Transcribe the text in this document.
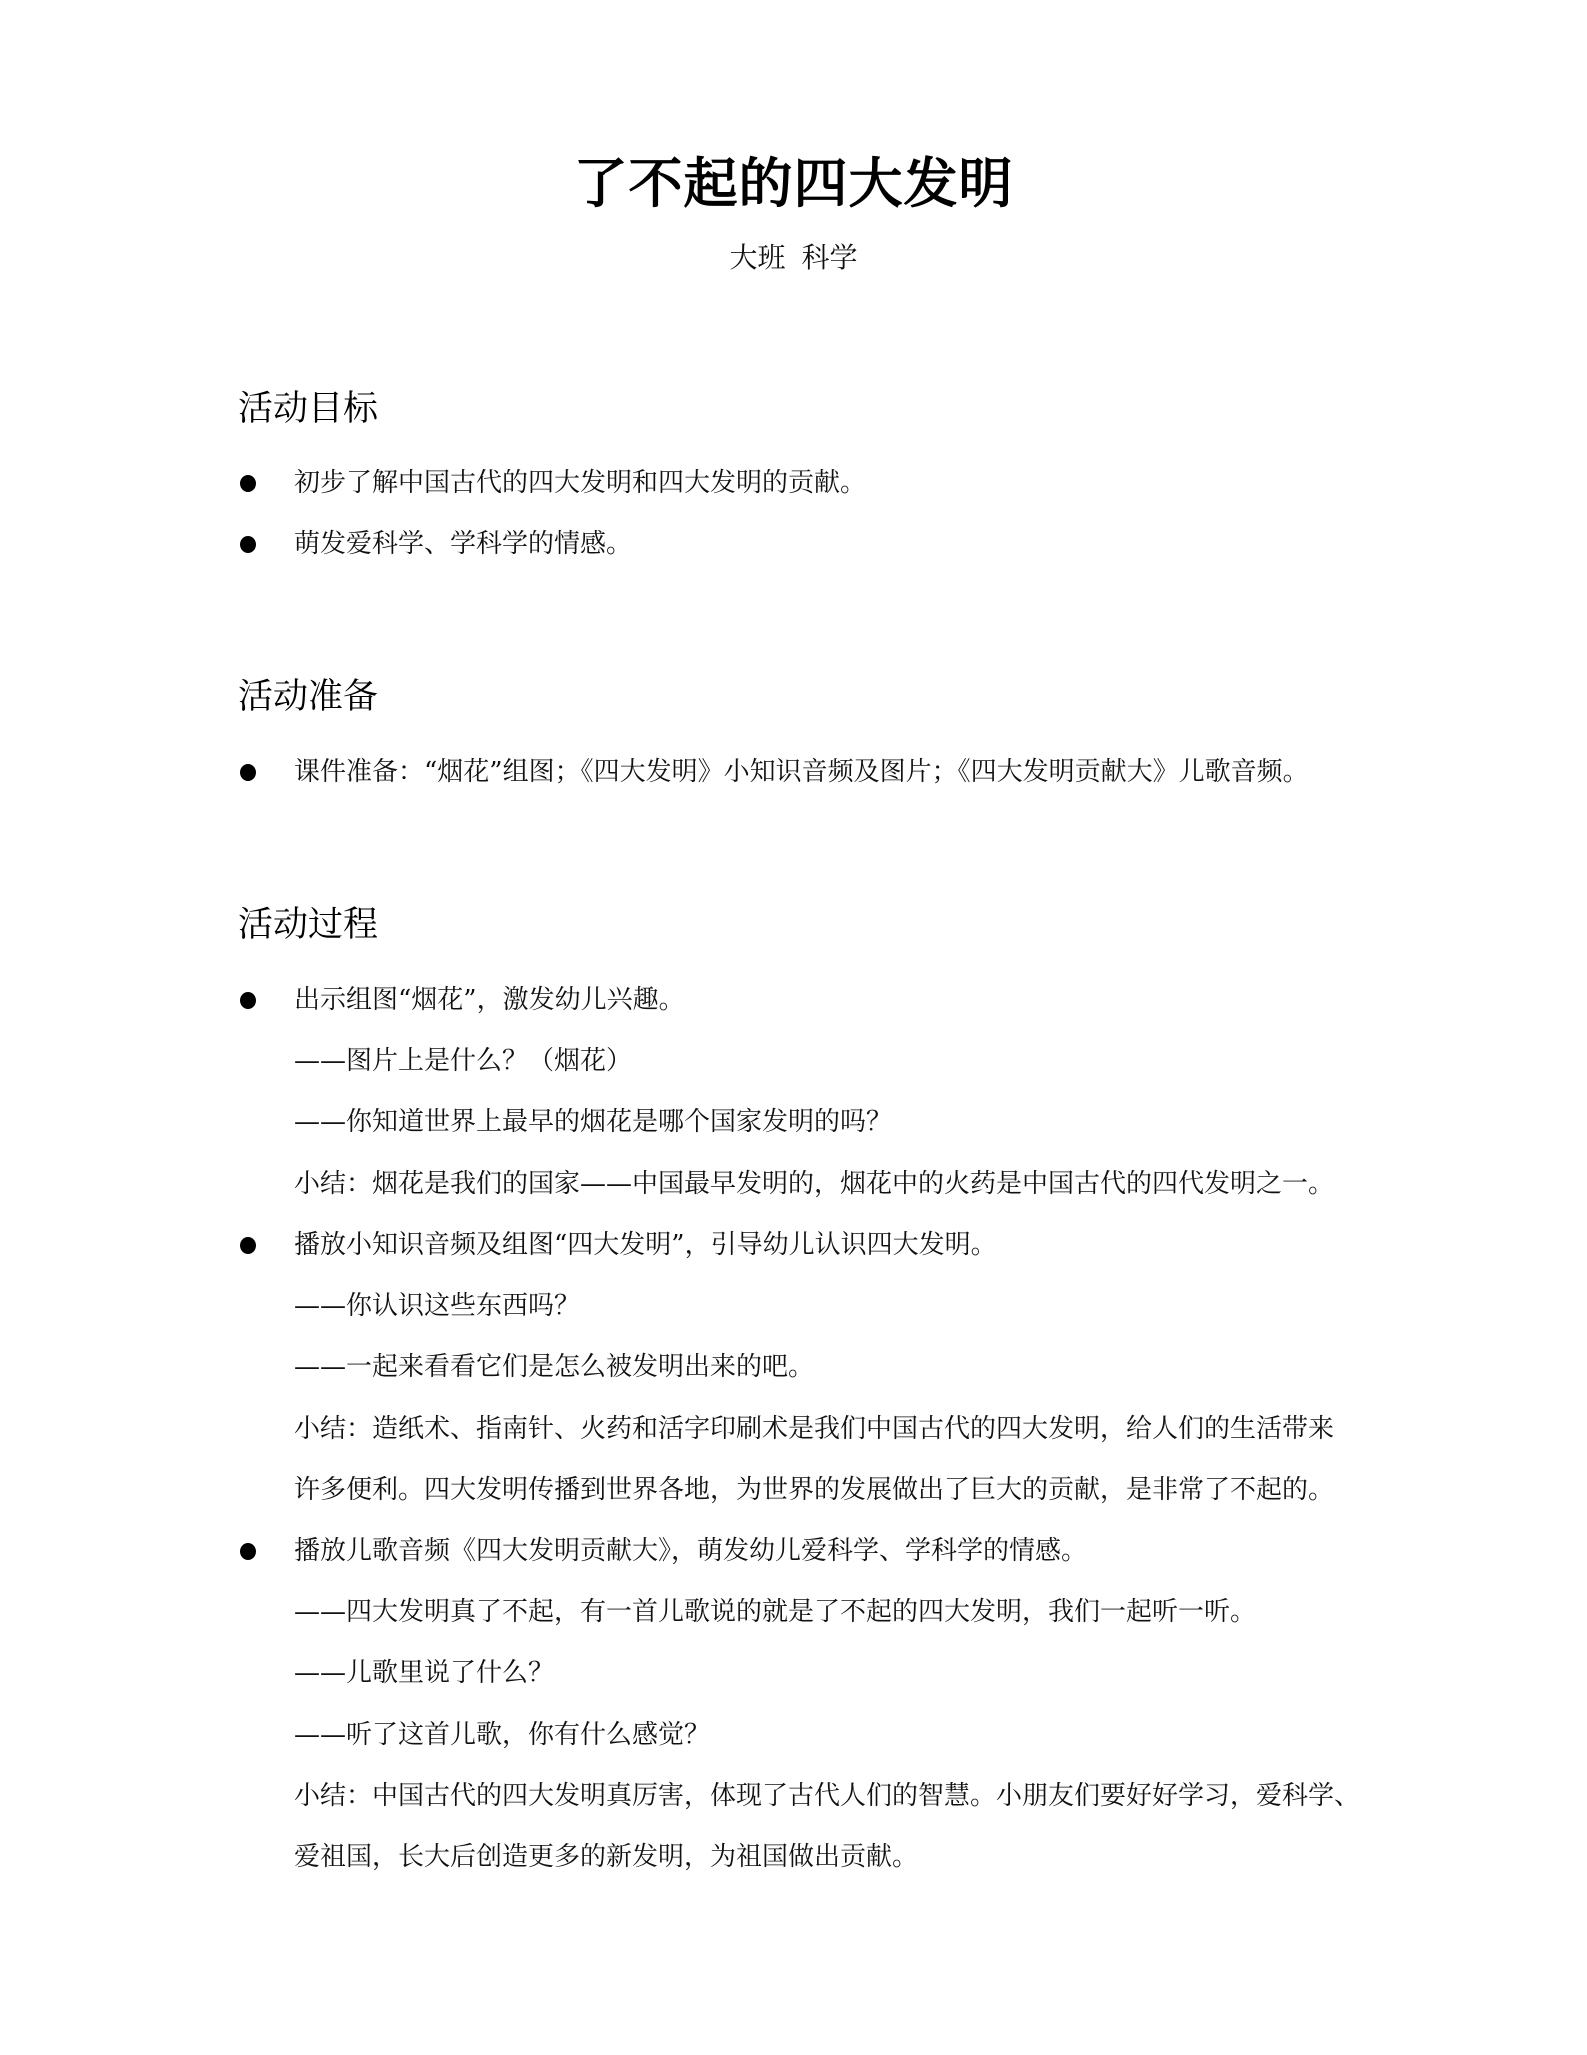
了不起的四大发明
大班 科学
活动目标
初步了解中国古代的四大发明和四大发明的贡献。
萌发爱科学、学科学的情感。
活动准备
课件准备：“烟花”组图；《四大发明》小知识音频及图片；《四大发明贡献大》儿歌音频。
活动过程
出示组图“烟花”，激发幼儿兴趣。
——图片上是什么？（烟花）
——你知道世界上最早的烟花是哪个国家发明的吗？
小结：烟花是我们的国家——中国最早发明的，烟花中的火药是中国古代的四代发明之一。
播放小知识音频及组图“四大发明”，引导幼儿认识四大发明。
——你认识这些东西吗？
——一起来看看它们是怎么被发明出来的吧。
小结：造纸术、指南针、火药和活字印刷术是我们中国古代的四大发明，给人们的生活带来
许多便利。四大发明传播到世界各地，为世界的发展做出了巨大的贡献，是非常了不起的。
播放儿歌音频《四大发明贡献大》，萌发幼儿爱科学、学科学的情感。
——四大发明真了不起，有一首儿歌说的就是了不起的四大发明，我们一起听一听。
——儿歌里说了什么？
——听了这首儿歌，你有什么感觉？
小结：中国古代的四大发明真厉害，体现了古代人们的智慧。小朋友们要好好学习，爱科学、
爱祖国，长大后创造更多的新发明，为祖国做出贡献。
